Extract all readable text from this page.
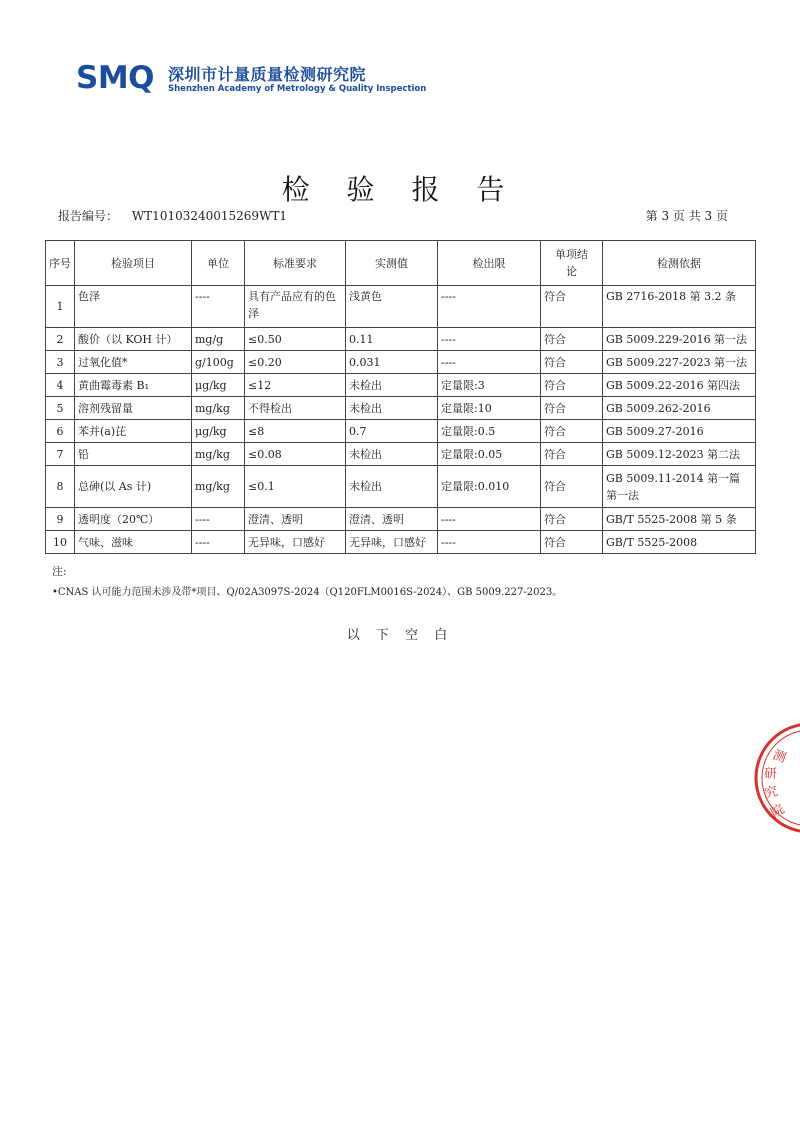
SMQ 深圳市计量质量检测研究院
Shenzhen Academy of Metrology & Quality Inspection
检 验 报 告
报告编号： WT10103240015269WT1	第 3 页 共 3 页
序号	检验项目	单位	标准要求	实测值	检出限	单项结论	检测依据
1	色泽	----	具有产品应有的色泽	浅黄色	----	符合	GB 2716-2018 第 3.2 条
2	酸价（以 KOH 计）	mg/g	≤0.50	0.11	----	符合	GB 5009.229-2016 第一法
3	过氧化值*	g/100g	≤0.20	0.031	----	符合	GB 5009.227-2023 第一法
4	黄曲霉毒素 B₁	μg/kg	≤12	未检出	定量限:3	符合	GB 5009.22-2016 第四法
5	溶剂残留量	mg/kg	不得检出	未检出	定量限:10	符合	GB 5009.262-2016
6	苯并(a)芘	μg/kg	≤8	0.7	定量限:0.5	符合	GB 5009.27-2016
7	铅	mg/kg	≤0.08	未检出	定量限:0.05	符合	GB 5009.12-2023 第二法
8	总砷(以 As 计)	mg/kg	≤0.1	未检出	定量限:0.010	符合	GB 5009.11-2014 第一篇 第一法
9	透明度（20℃）	----	澄清、透明	澄清、透明	----	符合	GB/T 5525-2008 第 5 条
10	气味、滋味	----	无异味，口感好	无异味，口感好	----	符合	GB/T 5525-2008
注:
•CNAS 认可能力范围未涉及带*项目、Q/02A3097S-2024（Q120FLM0016S-2024）、GB 5009.227-2023。
以 下 空 白
测
研
究
院
